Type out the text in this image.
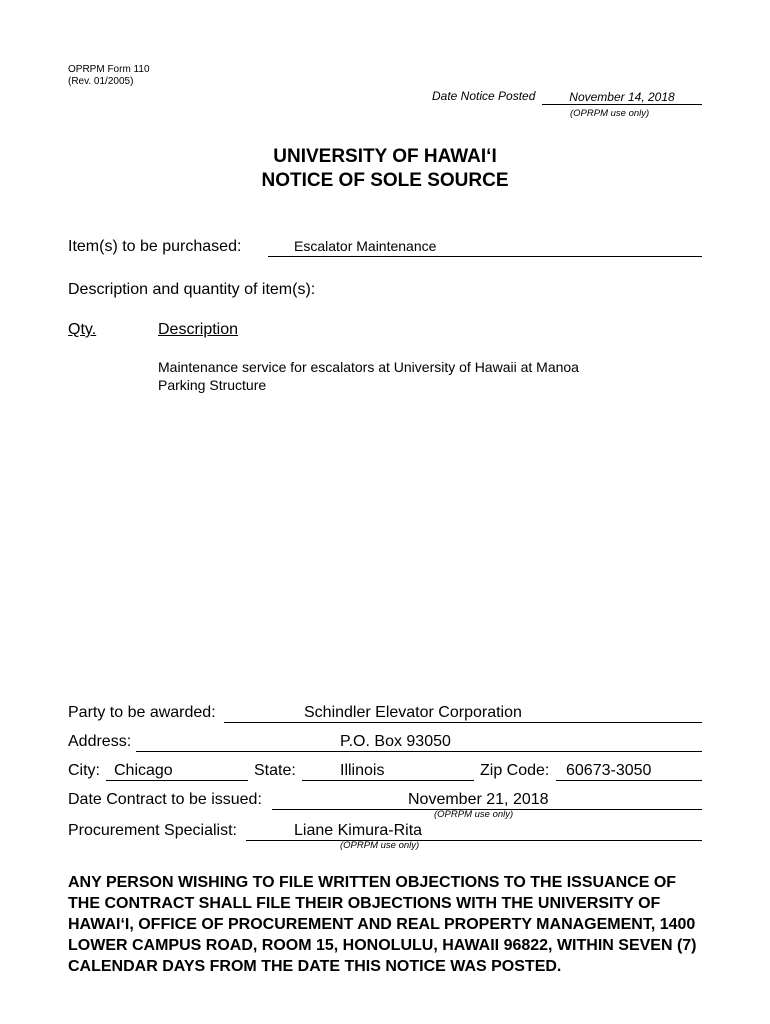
OPRPM Form 110
(Rev. 01/2005)
Date Notice Posted	November 14, 2018
(OPRPM use only)
UNIVERSITY OF HAWAI‘I
NOTICE OF SOLE SOURCE
Item(s) to be purchased:	Escalator Maintenance
Description and quantity of item(s):
Qty.	Description
Maintenance service for escalators at University of Hawaii at Manoa
Parking Structure
Party to be awarded:	Schindler Elevator Corporation
Address:	P.O. Box 93050
City: Chicago	State:	Illinois	Zip Code:	60673-3050
Date Contract to be issued:	November 21, 2018
(OPRPM use only)
Procurement Specialist:	Liane Kimura-Rita
(OPRPM use only)
ANY PERSON WISHING TO FILE WRITTEN OBJECTIONS TO THE ISSUANCE OF THE CONTRACT SHALL FILE THEIR OBJECTIONS WITH THE UNIVERSITY OF HAWAI‘I, OFFICE OF PROCUREMENT AND REAL PROPERTY MANAGEMENT, 1400 LOWER CAMPUS ROAD, ROOM 15, HONOLULU, HAWAII 96822, WITHIN SEVEN (7) CALENDAR DAYS FROM THE DATE THIS NOTICE WAS POSTED.
